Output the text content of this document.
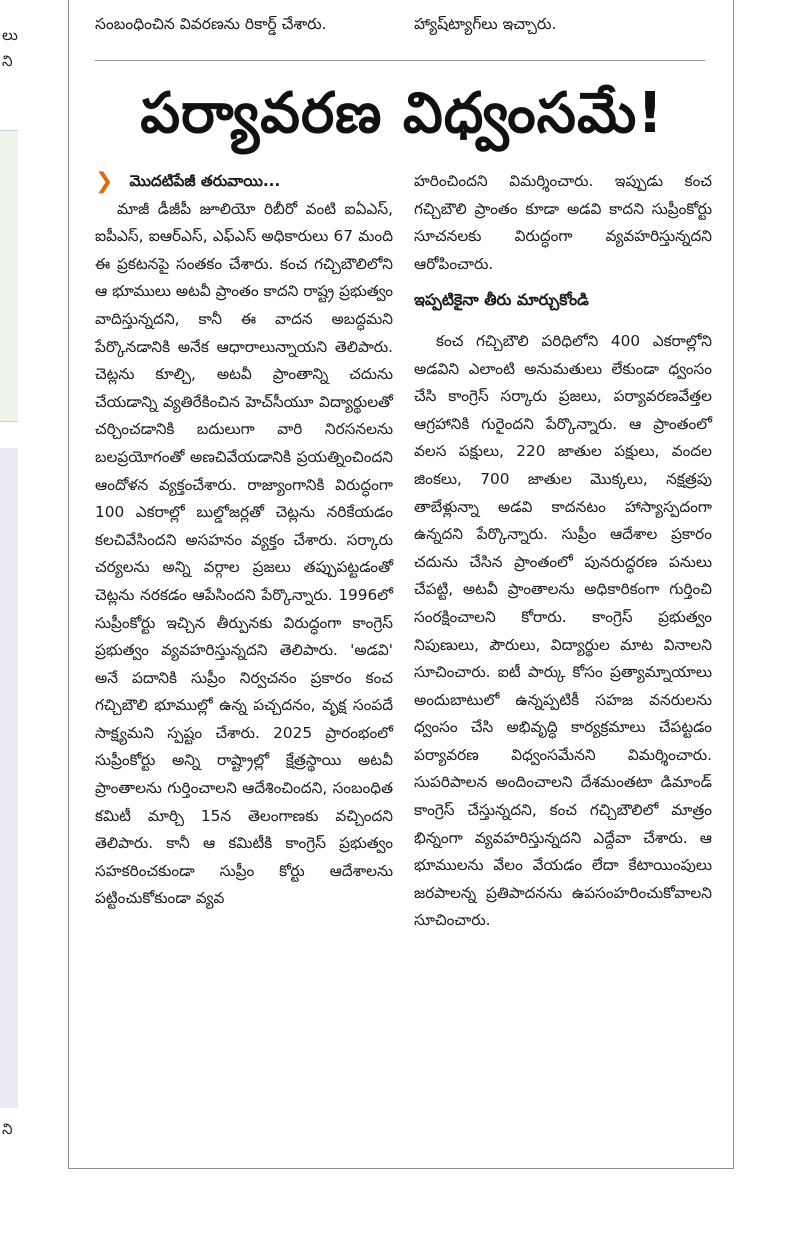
లు
ని
ని
సంబంధించిన వివరణను రికార్డ్ చేశారు.	హ్యాష్‌ట్యాగ్‌లు ఇచ్చారు.
పర్యావరణ విధ్వంసమే!
❯ మొదటిపేజీ తరువాయి...

మాజీ డీజీపీ జూలియో రిబీరో వంటి ఐఏఎస్, ఐపీఎస్, ఐఆర్ఎస్, ఎఫ్ఎస్ అధికారులు 67 మంది ఈ ప్రకటనపై సంతకం చేశారు. కంచ గచ్చిబౌలిలోని ఆ భూములు అటవీ ప్రాంతం కాదని రాష్ట్ర ప్రభుత్వం వాదిస్తున్నదని, కానీ ఈ వాదన అబద్ధమని పేర్కొనడానికి అనేక ఆధారాలున్నాయని తెలిపారు. చెట్లను కూల్చి, అటవీ ప్రాంతాన్ని చదును చేయడాన్ని వ్యతిరేకించిన హెచ్‌సీయూ విద్యార్థులతో చర్చించడానికి బదులుగా వారి నిరసనలను బలప్రయోగంతో అణచివేయడానికి ప్రయత్నించిందని ఆందోళన వ్యక్తంచేశారు. రాజ్యాంగానికి విరుద్ధంగా 100 ఎకరాల్లో బుల్డోజర్లతో చెట్లను నరికేయడం కలచివేసిందని అసహనం వ్యక్తం చేశారు. సర్కారు చర్యలను అన్ని వర్గాల ప్రజలు తప్పుపట్టడంతో చెట్లను నరకడం ఆపేసిందని పేర్కొన్నారు. 1996లో సుప్రీంకోర్టు ఇచ్చిన తీర్పునకు విరుద్ధంగా కాంగ్రెస్ ప్రభుత్వం వ్యవహరిస్తున్నదని తెలిపారు. 'అడవి' అనే పదానికి సుప్రీం నిర్వచనం ప్రకారం కంచ గచ్చిబౌలి భూముల్లో ఉన్న పచ్చదనం, వృక్ష సంపదే సాక్ష్యమని స్పష్టం చేశారు. 2025 ప్రారంభంలో సుప్రీంకోర్టు అన్ని రాష్ట్రాల్లో క్షేత్రస్థాయి అటవీ ప్రాంతాలను గుర్తించాలని ఆదేశించిందని, సంబంధిత కమిటీ మార్చి 15న తెలంగాణకు వచ్చిందని తెలిపారు. కానీ ఆ కమిటీకి కాంగ్రెస్ ప్రభుత్వం సహకరించకుండా సుప్రీం కోర్టు ఆదేశాలను పట్టించుకోకుండా వ్యవ

హరించిందని విమర్శించారు. ఇప్పుడు కంచ గచ్చిబౌలి ప్రాంతం కూడా అడవి కాదని సుప్రీంకోర్టు సూచనలకు విరుద్ధంగా వ్యవహరిస్తున్నదని ఆరోపించారు.

ఇప్పటికైనా తీరు మార్చుకోండి

కంచ గచ్చిబౌలి పరిధిలోని 400 ఎకరాల్లోని అడవిని ఎలాంటి అనుమతులు లేకుండా ధ్వంసం చేసి కాంగ్రెస్ సర్కారు ప్రజలు, పర్యావరణవేత్తల ఆగ్రహానికి గురైందని పేర్కొన్నారు. ఆ ప్రాంతంలో వలస పక్షులు, 220 జాతుల పక్షులు, వందల జింకలు, 700 జాతుల మొక్కలు, నక్షత్రపు తాబేళ్లున్నా అడవి కాదనటం హాస్యాస్పదంగా ఉన్నదని పేర్కొన్నారు. సుప్రీం ఆదేశాల ప్రకారం చదును చేసిన ప్రాంతంలో పునరుద్ధరణ పనులు చేపట్టి, అటవీ ప్రాంతాలను అధికారికంగా గుర్తించి సంరక్షించాలని కోరారు. కాంగ్రెస్ ప్రభుత్వం నిపుణులు, పౌరులు, విద్యార్థుల మాట వినాలని సూచించారు. ఐటీ పార్కు కోసం ప్రత్యామ్నాయాలు అందుబాటులో ఉన్నప్పటికీ సహజ వనరులను ధ్వంసం చేసి అభివృద్ధి కార్యక్రమాలు చేపట్టడం పర్యావరణ విధ్వంసమేనని విమర్శించారు. సుపరిపాలన అందించాలని దేశమంతటా డిమాండ్ కాంగ్రెస్ చేస్తున్నదని, కంచ గచ్చిబౌలిలో మాత్రం భిన్నంగా వ్యవహరిస్తున్నదని ఎద్దేవా చేశారు. ఆ భూములను వేలం వేయడం లేదా కేటాయింపులు జరపాలన్న ప్రతిపాదనను ఉపసంహరించుకోవాలని సూచించారు.
